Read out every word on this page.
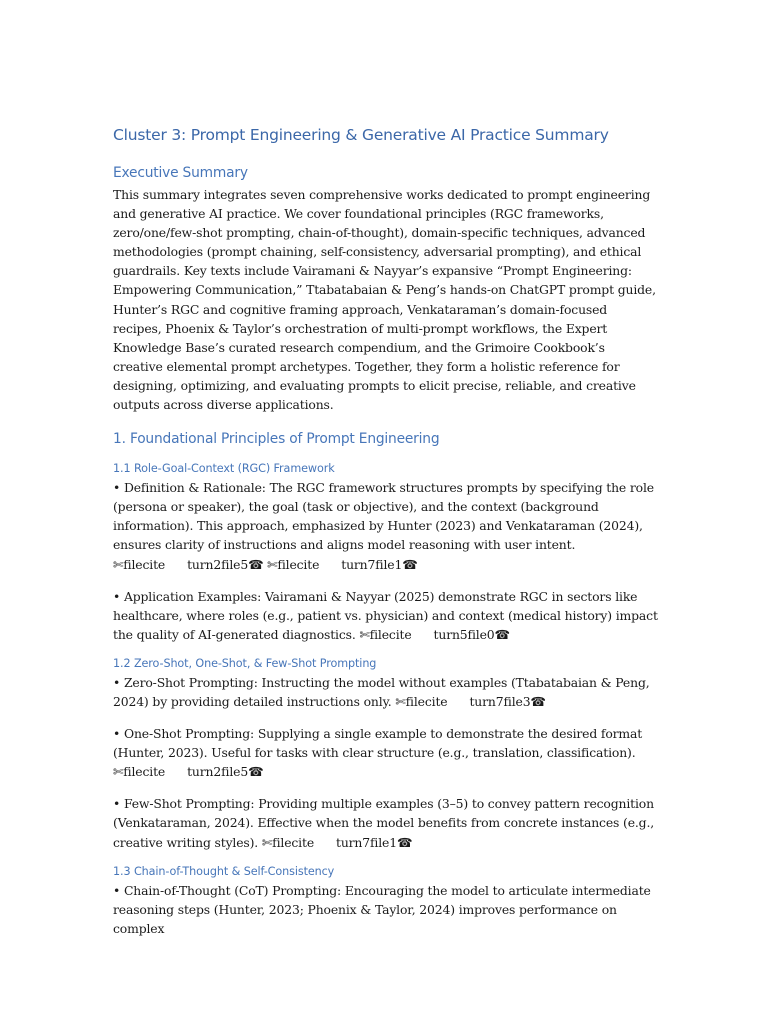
Cluster 3: Prompt Engineering & Generative AI Practice Summary
Executive Summary

This summary integrates seven comprehensive works dedicated to prompt engineering and generative AI practice. We cover foundational principles (RGC frameworks, zero/one/few-shot prompting, chain-of-thought), domain-specific techniques, advanced methodologies (prompt chaining, self-consistency, adversarial prompting), and ethical guardrails. Key texts include Vairamani & Nayyar’s expansive “Prompt Engineering: Empowering Communication,” Ttabatabaian & Peng’s hands-on ChatGPT prompt guide, Hunter’s RGC and cognitive framing approach, Venkataraman’s domain-focused recipes, Phoenix & Taylor’s orchestration of multi-prompt workflows, the Expert Knowledge Base’s curated research compendium, and the Grimoire Cookbook’s creative elemental prompt archetypes. Together, they form a holistic reference for designing, optimizing, and evaluating prompts to elicit precise, reliable, and creative outputs across diverse applications.

1. Foundational Principles of Prompt Engineering
1.1 Role-Goal-Context (RGC) Framework

• Definition & Rationale: The RGC framework structures prompts by specifying the role (persona or speaker), the goal (task or objective), and the context (background information). This approach, emphasized by Hunter (2023) and Venkataraman (2024), ensures clarity of instructions and aligns model reasoning with user intent.
✄filecite turn2file5☎ ✄filecite turn7file1☎

• Application Examples: Vairamani & Nayyar (2025) demonstrate RGC in sectors like healthcare, where roles (e.g., patient vs. physician) and context (medical history) impact the quality of AI-generated diagnostics. ✄filecite turn5file0☎

1.2 Zero-Shot, One-Shot, & Few-Shot Prompting

• Zero-Shot Prompting: Instructing the model without examples (Ttabatabaian & Peng, 2024) by providing detailed instructions only. ✄filecite turn7file3☎

• One-Shot Prompting: Supplying a single example to demonstrate the desired format (Hunter, 2023). Useful for tasks with clear structure (e.g., translation, classification).
✄filecite turn2file5☎

• Few-Shot Prompting: Providing multiple examples (3–5) to convey pattern recognition (Venkataraman, 2024). Effective when the model benefits from concrete instances (e.g., creative writing styles). ✄filecite turn7file1☎

1.3 Chain-of-Thought & Self-Consistency

• Chain-of-Thought (CoT) Prompting: Encouraging the model to articulate intermediate reasoning steps (Hunter, 2023; Phoenix & Taylor, 2024) improves performance on complex
